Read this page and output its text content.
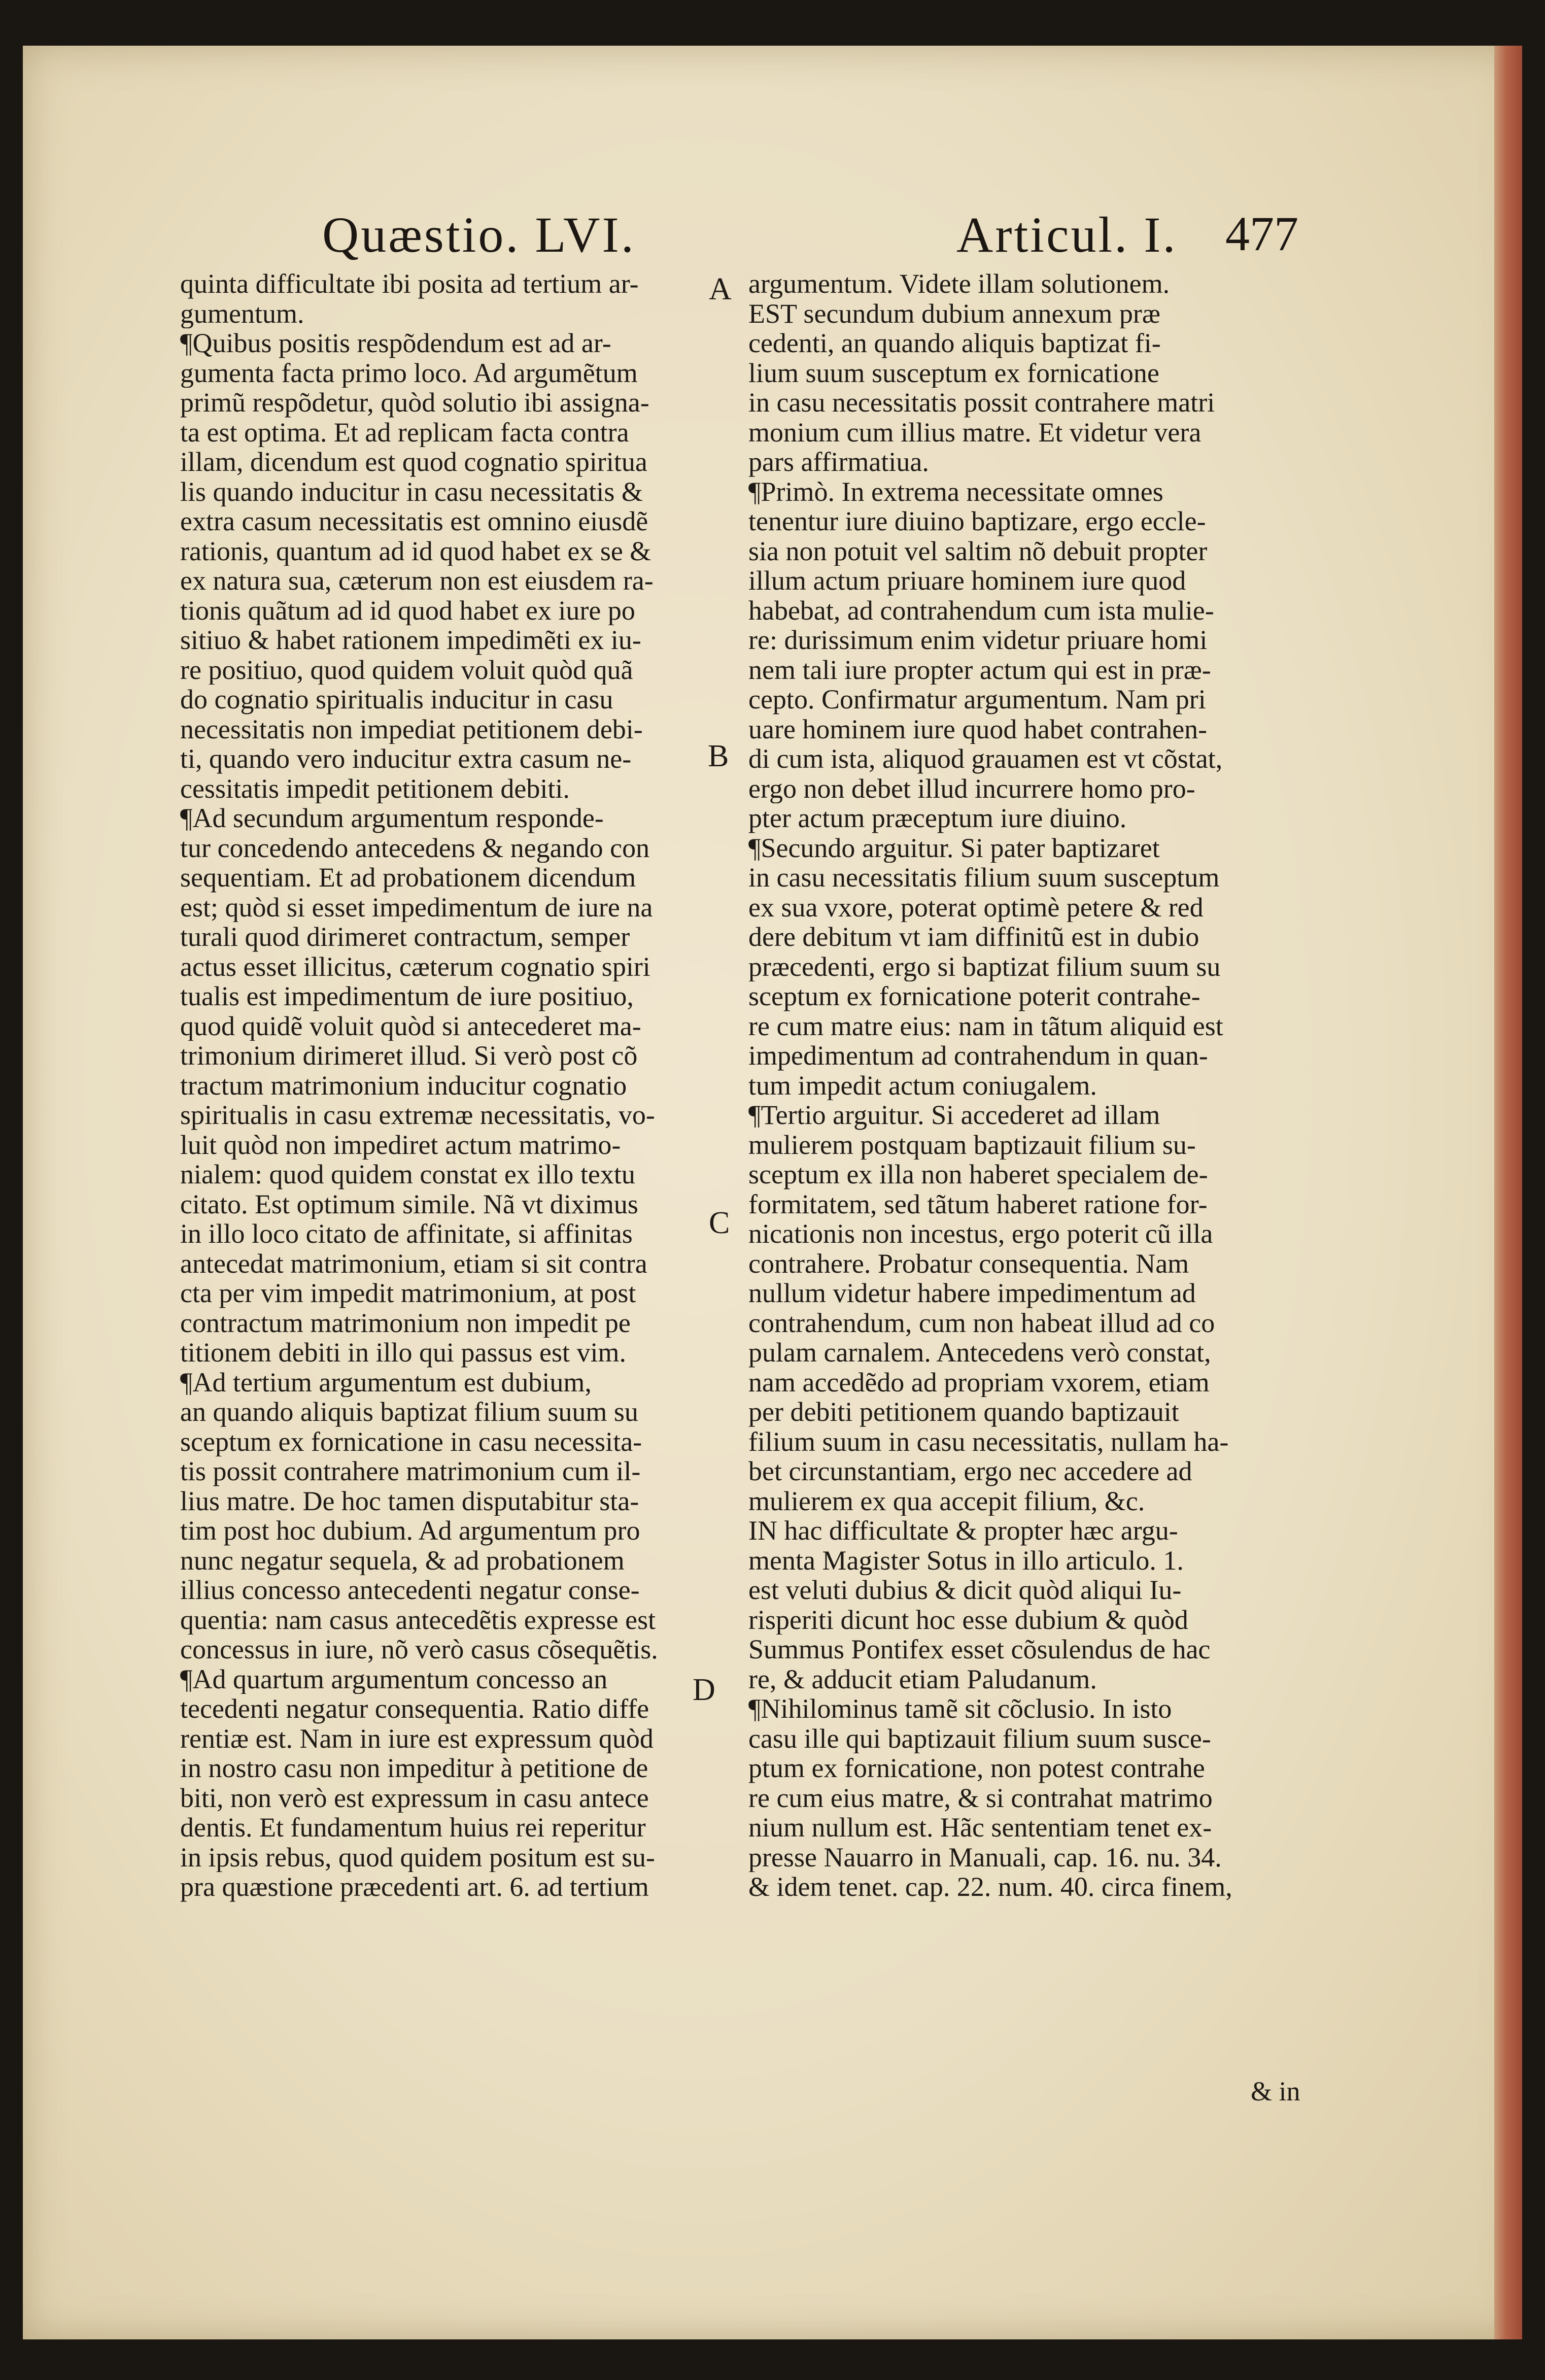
Quæstio. LVI.	Articul. I. 477
A
B
C
D
quinta difficultate ibi posita ad tertium ar-
gumentum.
¶Quibus positis respõdendum est ad ar-
gumenta facta primo loco. Ad argumẽtum
primũ respõdetur, quòd solutio ibi assigna-
ta est optima. Et ad replicam facta contra
illam, dicendum est quod cognatio spiritua
lis quando inducitur in casu necessitatis &
extra casum necessitatis est omnino eiusdẽ
rationis, quantum ad id quod habet ex se &
ex natura sua, cæterum non est eiusdem ra-
tionis quãtum ad id quod habet ex iure po
sitiuo & habet rationem impedimẽti ex iu-
re positiuo, quod quidem voluit quòd quã
do cognatio spiritualis inducitur in casu
necessitatis non impediat petitionem debi-
ti, quando vero inducitur extra casum ne-
cessitatis impedit petitionem debiti.
¶Ad secundum argumentum responde-
tur concedendo antecedens & negando con
sequentiam. Et ad probationem dicendum
est; quòd si esset impedimentum de iure na
turali quod dirimeret contractum, semper
actus esset illicitus, cæterum cognatio spiri
tualis est impedimentum de iure positiuo,
quod quidẽ voluit quòd si antecederet ma-
trimonium dirimeret illud. Si verò post cõ
tractum matrimonium inducitur cognatio
spiritualis in casu extremæ necessitatis, vo-
luit quòd non impediret actum matrimo-
nialem: quod quidem constat ex illo textu
citato. Est optimum simile. Nã vt diximus
in illo loco citato de affinitate, si affinitas
antecedat matrimonium, etiam si sit contra
cta per vim impedit matrimonium, at post
contractum matrimonium non impedit pe
titionem debiti in illo qui passus est vim.
¶Ad tertium argumentum est dubium,
an quando aliquis baptizat filium suum su
sceptum ex fornicatione in casu necessita-
tis possit contrahere matrimonium cum il-
lius matre. De hoc tamen disputabitur sta-
tim post hoc dubium. Ad argumentum pro
nunc negatur sequela, & ad probationem
illius concesso antecedenti negatur conse-
quentia: nam casus antecedẽtis expresse est
concessus in iure, nõ verò casus cõsequẽtis.
¶Ad quartum argumentum concesso an
tecedenti negatur consequentia. Ratio diffe
rentiæ est. Nam in iure est expressum quòd
in nostro casu non impeditur à petitione de
biti, non verò est expressum in casu antece
dentis. Et fundamentum huius rei reperitur
in ipsis rebus, quod quidem positum est su-
pra quæstione præcedenti art. 6. ad tertium
argumentum. Videte illam solutionem.
EST secundum dubium annexum præ
cedenti, an quando aliquis baptizat fi-
lium suum susceptum ex fornicatione
in casu necessitatis possit contrahere matri
monium cum illius matre. Et videtur vera
pars affirmatiua.
¶Primò. In extrema necessitate omnes
tenentur iure diuino baptizare, ergo eccle-
sia non potuit vel saltim nõ debuit propter
illum actum priuare hominem iure quod
habebat, ad contrahendum cum ista mulie-
re: durissimum enim videtur priuare homi
nem tali iure propter actum qui est in præ-
cepto. Confirmatur argumentum. Nam pri
uare hominem iure quod habet contrahen-
di cum ista, aliquod grauamen est vt cõstat,
ergo non debet illud incurrere homo pro-
pter actum præceptum iure diuino.
¶Secundo arguitur. Si pater baptizaret
in casu necessitatis filium suum susceptum
ex sua vxore, poterat optimè petere & red
dere debitum vt iam diffinitũ est in dubio
præcedenti, ergo si baptizat filium suum su
sceptum ex fornicatione poterit contrahe-
re cum matre eius: nam in tãtum aliquid est
impedimentum ad contrahendum in quan-
tum impedit actum coniugalem.
¶Tertio arguitur. Si accederet ad illam
mulierem postquam baptizauit filium su-
sceptum ex illa non haberet specialem de-
formitatem, sed tãtum haberet ratione for-
nicationis non incestus, ergo poterit cũ illa
contrahere. Probatur consequentia. Nam
nullum videtur habere impedimentum ad
contrahendum, cum non habeat illud ad co
pulam carnalem. Antecedens verò constat,
nam accedẽdo ad propriam vxorem, etiam
per debiti petitionem quando baptizauit
filium suum in casu necessitatis, nullam ha-
bet circunstantiam, ergo nec accedere ad
mulierem ex qua accepit filium, &c.
IN hac difficultate & propter hæc argu-
menta Magister Sotus in illo articulo. 1.
est veluti dubius & dicit quòd aliqui Iu-
risperiti dicunt hoc esse dubium & quòd
Summus Pontifex esset cõsulendus de hac
re, & adducit etiam Paludanum.
¶Nihilominus tamẽ sit cõclusio. In isto
casu ille qui baptizauit filium suum susce-
ptum ex fornicatione, non potest contrahe
re cum eius matre, & si contrahat matrimo
nium nullum est. Hãc sententiam tenet ex-
presse Nauarro in Manuali, cap. 16. nu. 34.
& idem tenet. cap. 22. num. 40. circa finem,
& in
